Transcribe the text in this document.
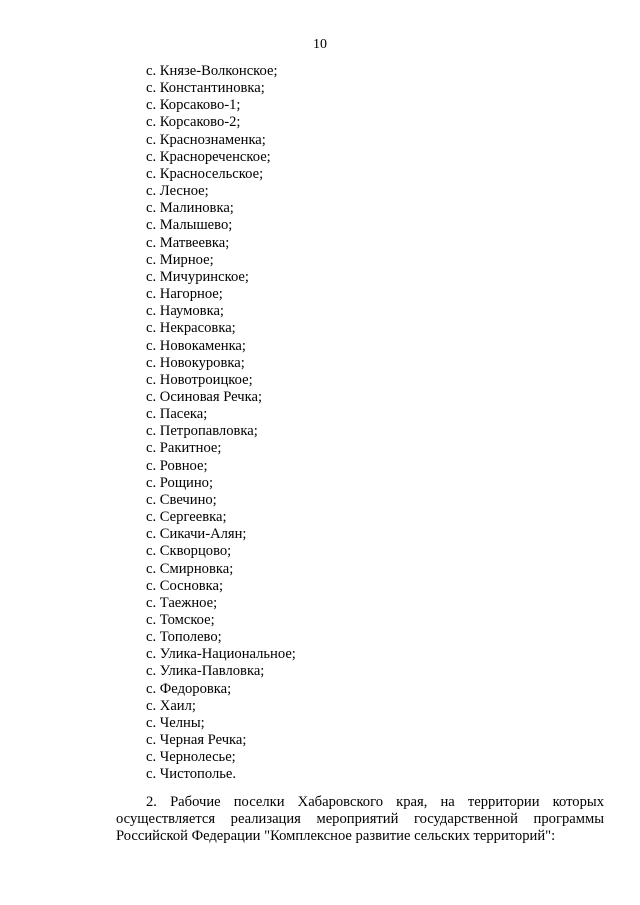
10
с. Князе-Волконское;
с. Константиновка;
с. Корсаково-1;
с. Корсаково-2;
с. Краснознаменка;
с. Краснореченское;
с. Красносельское;
с. Лесное;
с. Малиновка;
с. Малышево;
с. Матвеевка;
с. Мирное;
с. Мичуринское;
с. Нагорное;
с. Наумовка;
с. Некрасовка;
с. Новокаменка;
с. Новокуровка;
с. Новотроицкое;
с. Осиновая Речка;
с. Пасека;
с. Петропавловка;
с. Ракитное;
с. Ровное;
с. Рощино;
с. Свечино;
с. Сергеевка;
с. Сикачи-Алян;
с. Скворцово;
с. Смирновка;
с. Сосновка;
с. Таежное;
с. Томское;
с. Тополево;
с. Улика-Национальное;
с. Улика-Павловка;
с. Федоровка;
с. Хаил;
с. Челны;
с. Черная Речка;
с. Чернолесье;
с. Чистополье.

2. Рабочие поселки Хабаровского края, на территории которых осуществляется реализация мероприятий государственной программы Российской Федерации "Комплексное развитие сельских территорий":
